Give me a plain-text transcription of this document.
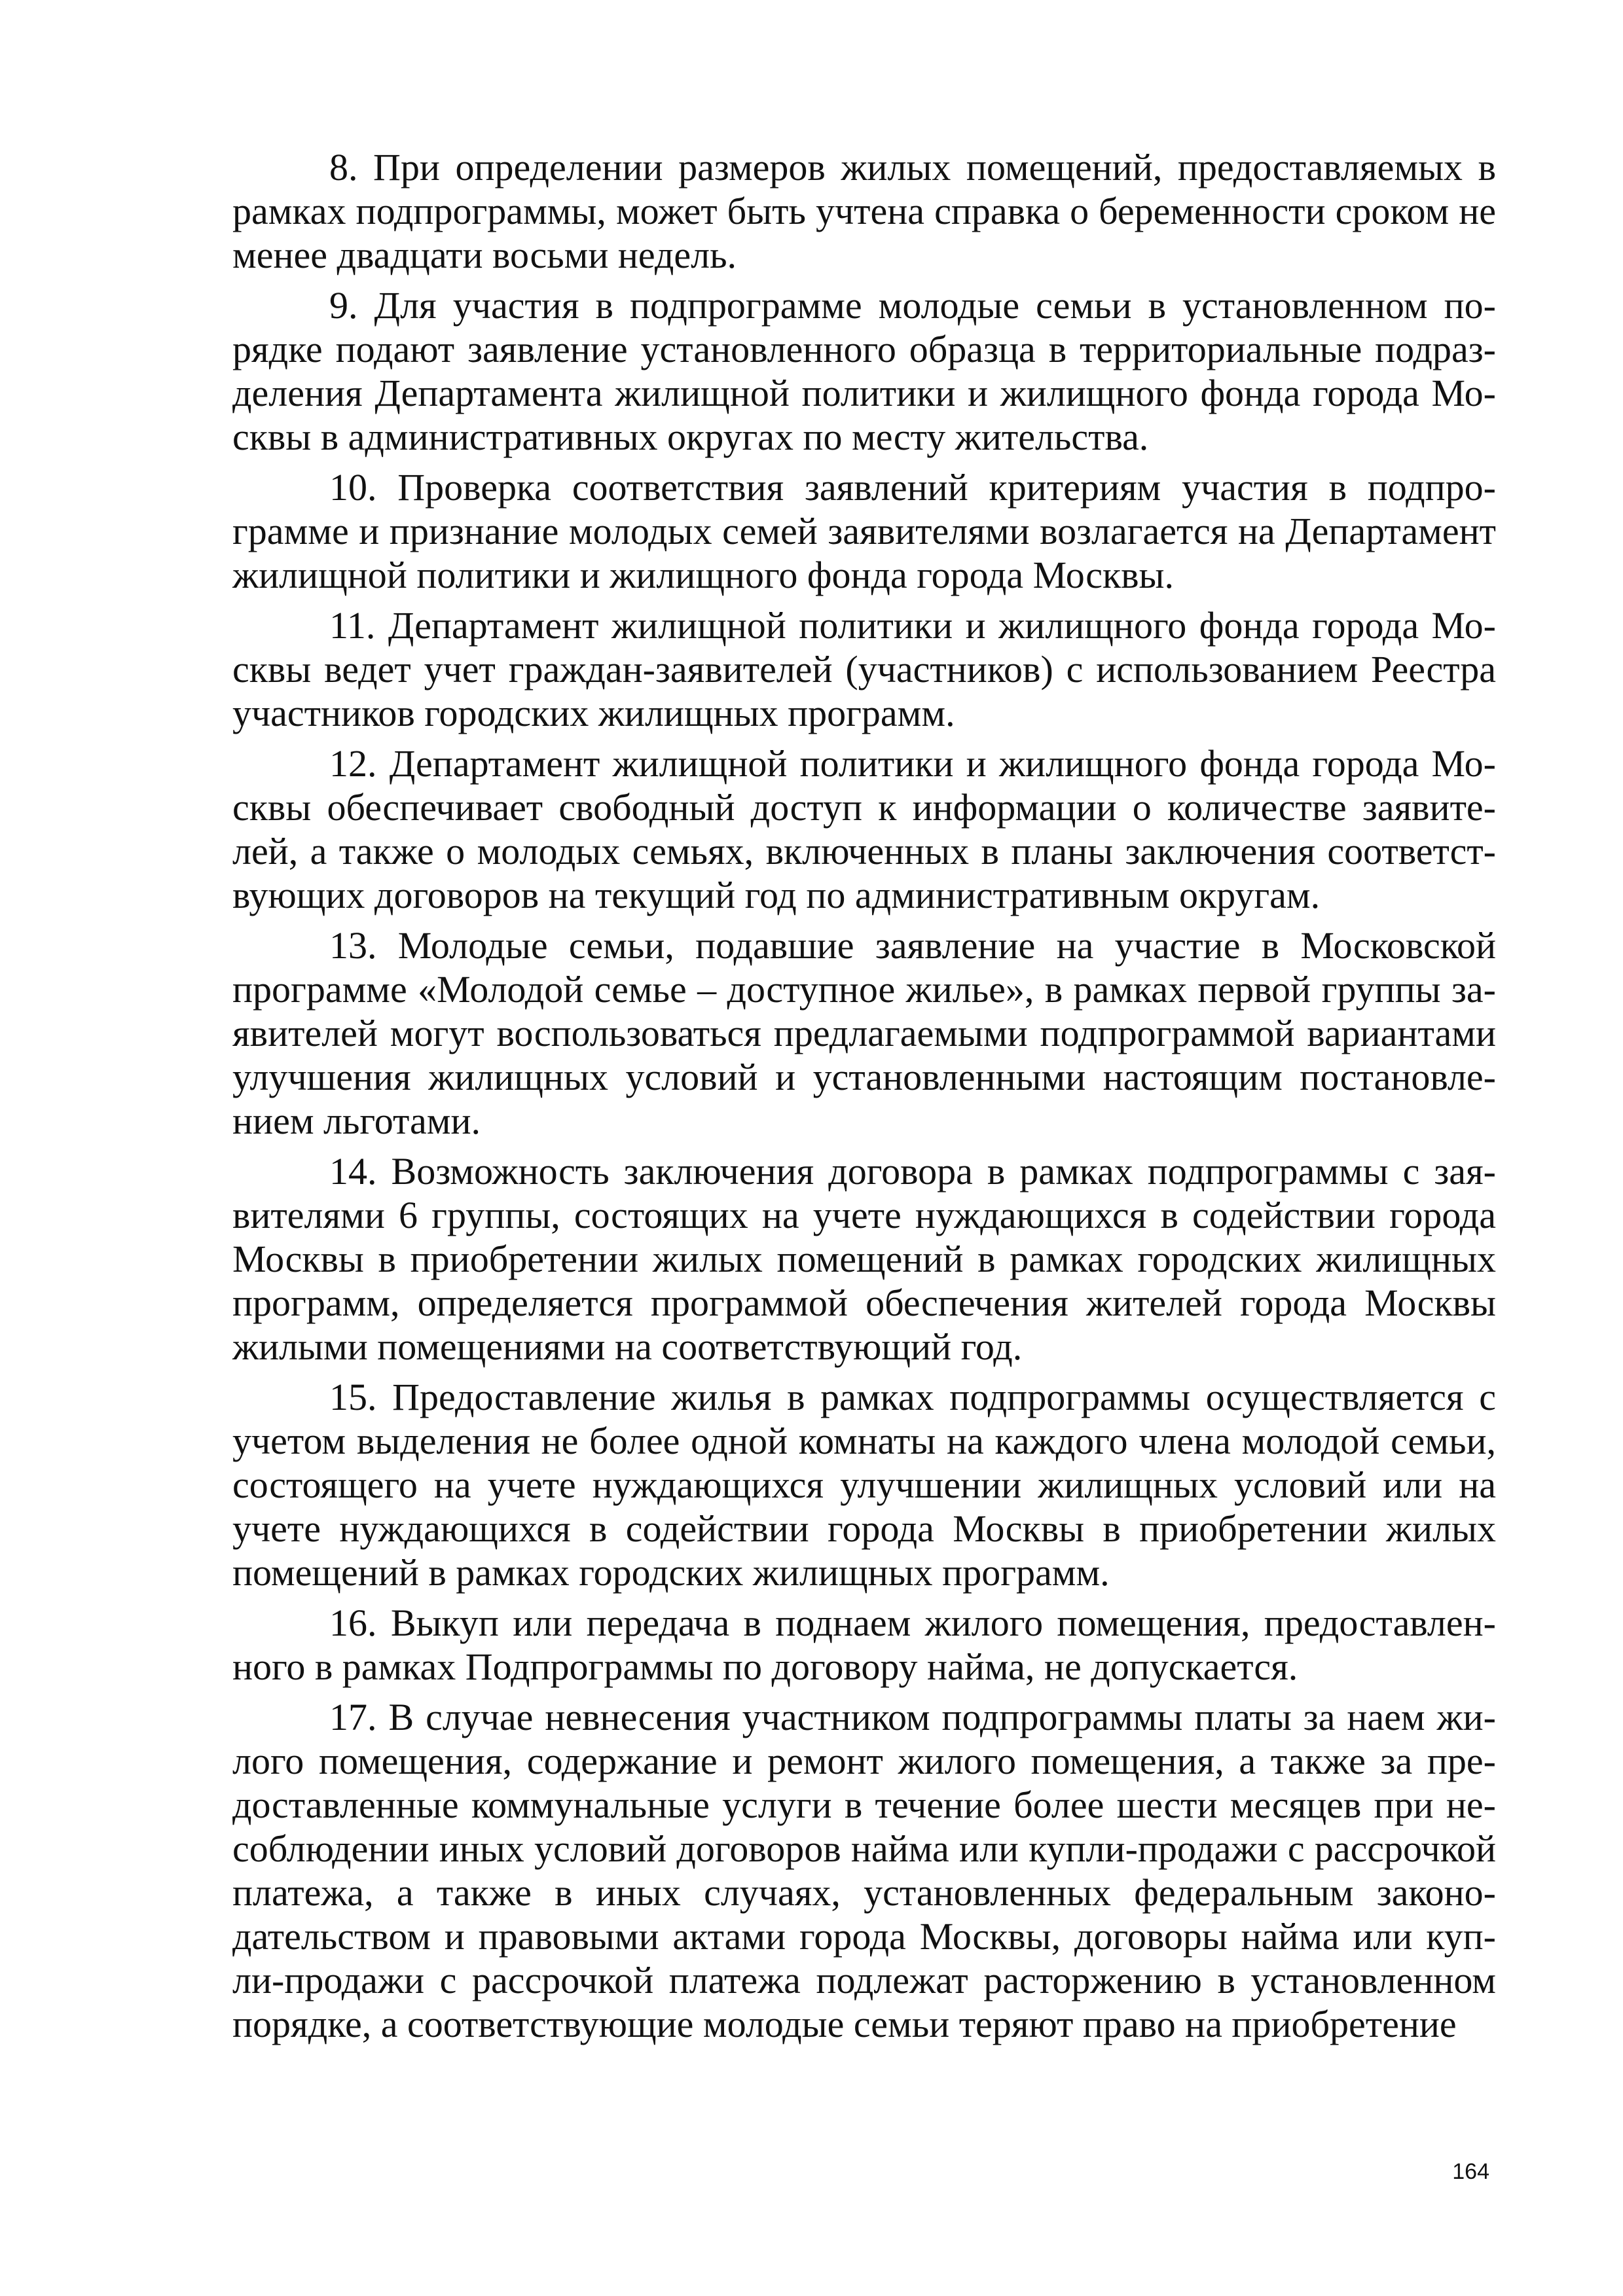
8. При определении размеров жилых помещений, предоставляемых в рамках подпрограммы, может быть учтена справка о беременности сроком не менее двадцати восьми недель.

9. Для участия в подпрограмме молодые семьи в установленном порядке подают заявление установленного образца в территориальные подразделения Департамента жилищной политики и жилищного фонда города Москвы в административных округах по месту жительства.

10. Проверка соответствия заявлений критериям участия в подпрограмме и признание молодых семей заявителями возлагается на Департамент жилищной политики и жилищного фонда города Москвы.

11. Департамент жилищной политики и жилищного фонда города Москвы ведет учет граждан-заявителей (участников) с использованием Реестра участников городских жилищных программ.

12. Департамент жилищной политики и жилищного фонда города Москвы обеспечивает свободный доступ к информации о количестве заявителей, а также о молодых семьях, включенных в планы заключения соответствующих договоров на текущий год по административным округам.

13. Молодые семьи, подавшие заявление на участие в Московской программе «Молодой семье – доступное жилье», в рамках первой группы заявителей могут воспользоваться предлагаемыми подпрограммой вариантами улучшения жилищных условий и установленными настоящим постановлением льготами.

14. Возможность заключения договора в рамках подпрограммы с заявителями 6 группы, состоящих на учете нуждающихся в содействии города Москвы в приобретении жилых помещений в рамках городских жилищных программ, определяется программой обеспечения жителей города Москвы жилыми помещениями на соответствующий год.

15. Предоставление жилья в рамках подпрограммы осуществляется с учетом выделения не более одной комнаты на каждого члена молодой семьи, состоящего на учете нуждающихся улучшении жилищных условий или на учете нуждающихся в содействии города Москвы в приобретении жилых помещений в рамках городских жилищных программ.

16. Выкуп или передача в поднаем жилого помещения, предоставленного в рамках Подпрограммы по договору найма, не допускается.

17. В случае невнесения участником подпрограммы платы за наем жилого помещения, содержание и ремонт жилого помещения, а также за предоставленные коммунальные услуги в течение более шести месяцев при несоблюдении иных условий договоров найма или купли-продажи с рассрочкой платежа, а также в иных случаях, установленных федеральным законодательством и правовыми актами города Москвы, договоры найма или купли-продажи с рассрочкой платежа подлежат расторжению в установленном порядке, а соответствующие молодые семьи теряют право на приобретение

164
